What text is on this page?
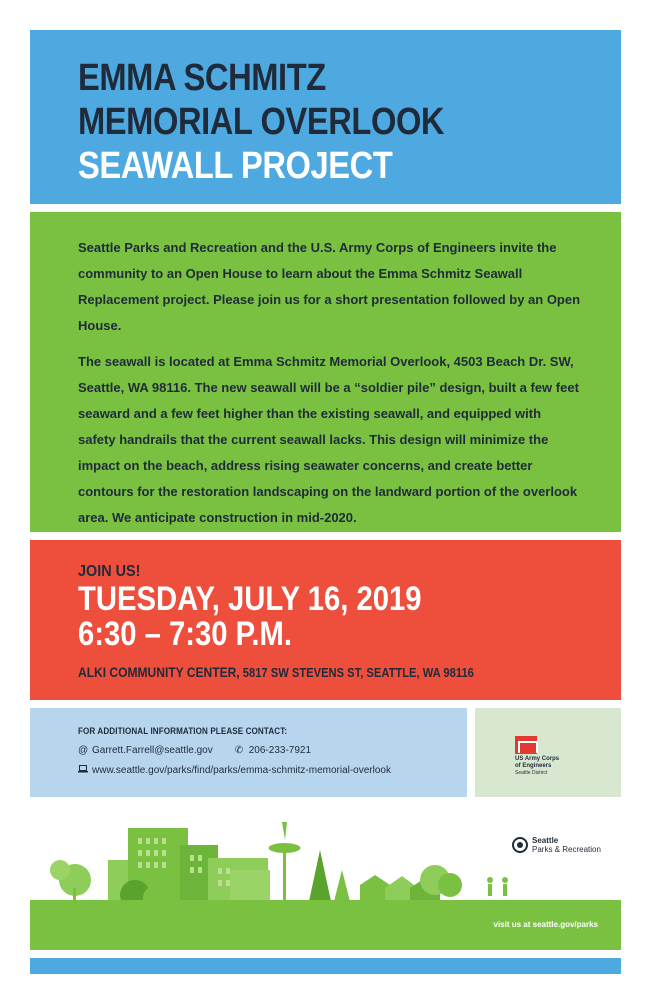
EMMA SCHMITZ
MEMORIAL OVERLOOK
SEAWALL PROJECT

Seattle Parks and Recreation and the U.S. Army Corps of Engineers invite the community to an Open House to learn about the Emma Schmitz Seawall Replacement project. Please join us for a short presentation followed by an Open House.

The seawall is located at Emma Schmitz Memorial Overlook, 4503 Beach Dr. SW, Seattle, WA 98116. The new seawall will be a “soldier pile” design, built a few feet seaward and a few feet higher than the existing seawall, and equipped with safety handrails that the current seawall lacks. This design will minimize the impact on the beach, address rising seawater concerns, and create better contours for the restoration landscaping on the landward portion of the overlook area. We anticipate construction in mid-2020.

JOIN US!
TUESDAY, JULY 16, 2019
6:30 – 7:30 P.M.
ALKI COMMUNITY CENTER, 5817 SW STEVENS ST, SEATTLE, WA 98116
FOR ADDITIONAL INFORMATION PLEASE CONTACT:
@ Garrett.Farrell@seattle.gov ✆ 206-233-7921
www.seattle.gov/parks/find/parks/emma-schmitz-memorial-overlook
US Army Corps
of Engineers
Seattle District
visit us at seattle.gov/parks
Seattle
Parks & Recreation
